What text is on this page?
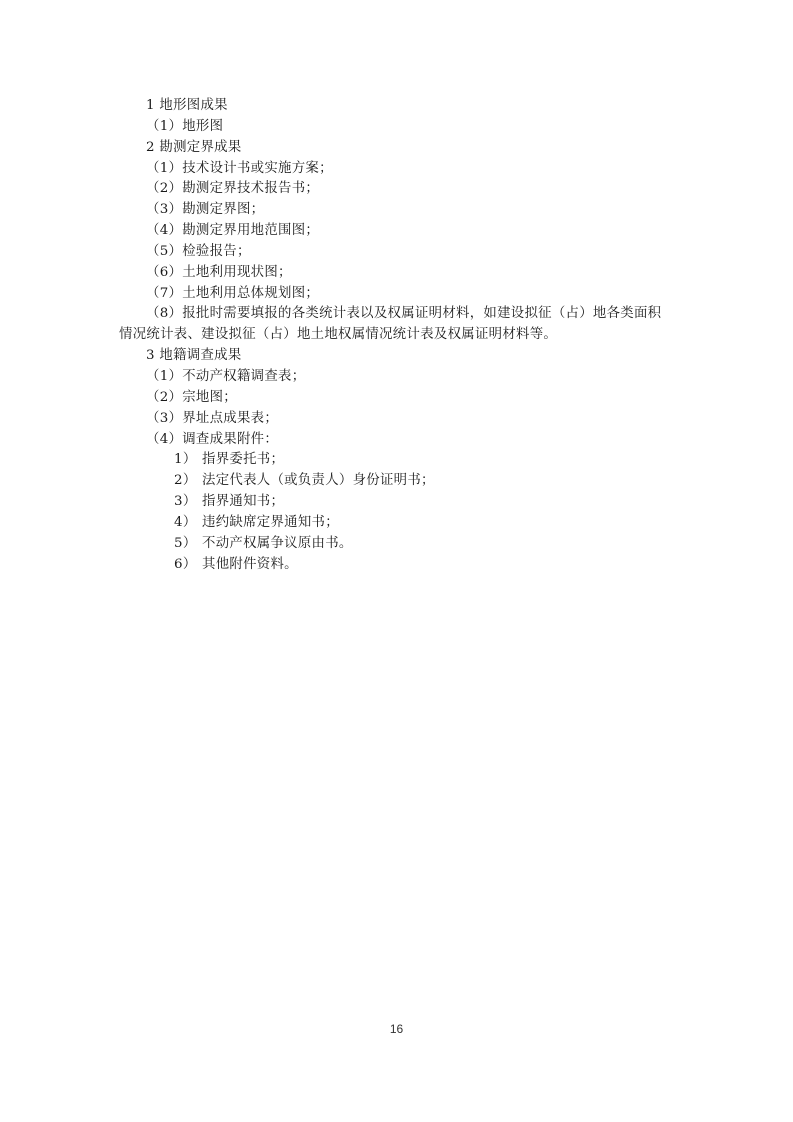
1 地形图成果
（1）地形图
2 勘测定界成果
（1）技术设计书或实施方案；
（2）勘测定界技术报告书；
（3）勘测定界图；
（4）勘测定界用地范围图；
（5）检验报告；
（6）土地利用现状图；
（7）土地利用总体规划图；
（8）报批时需要填报的各类统计表以及权属证明材料，如建设拟征（占）地各类面积
情况统计表、建设拟征（占）地土地权属情况统计表及权属证明材料等。
3 地籍调查成果
（1）不动产权籍调查表；
（2）宗地图；
（3）界址点成果表；
（4）调查成果附件：
1） 指界委托书；
2） 法定代表人（或负责人）身份证明书；
3） 指界通知书；
4） 违约缺席定界通知书；
5） 不动产权属争议原由书。
6） 其他附件资料。
16
